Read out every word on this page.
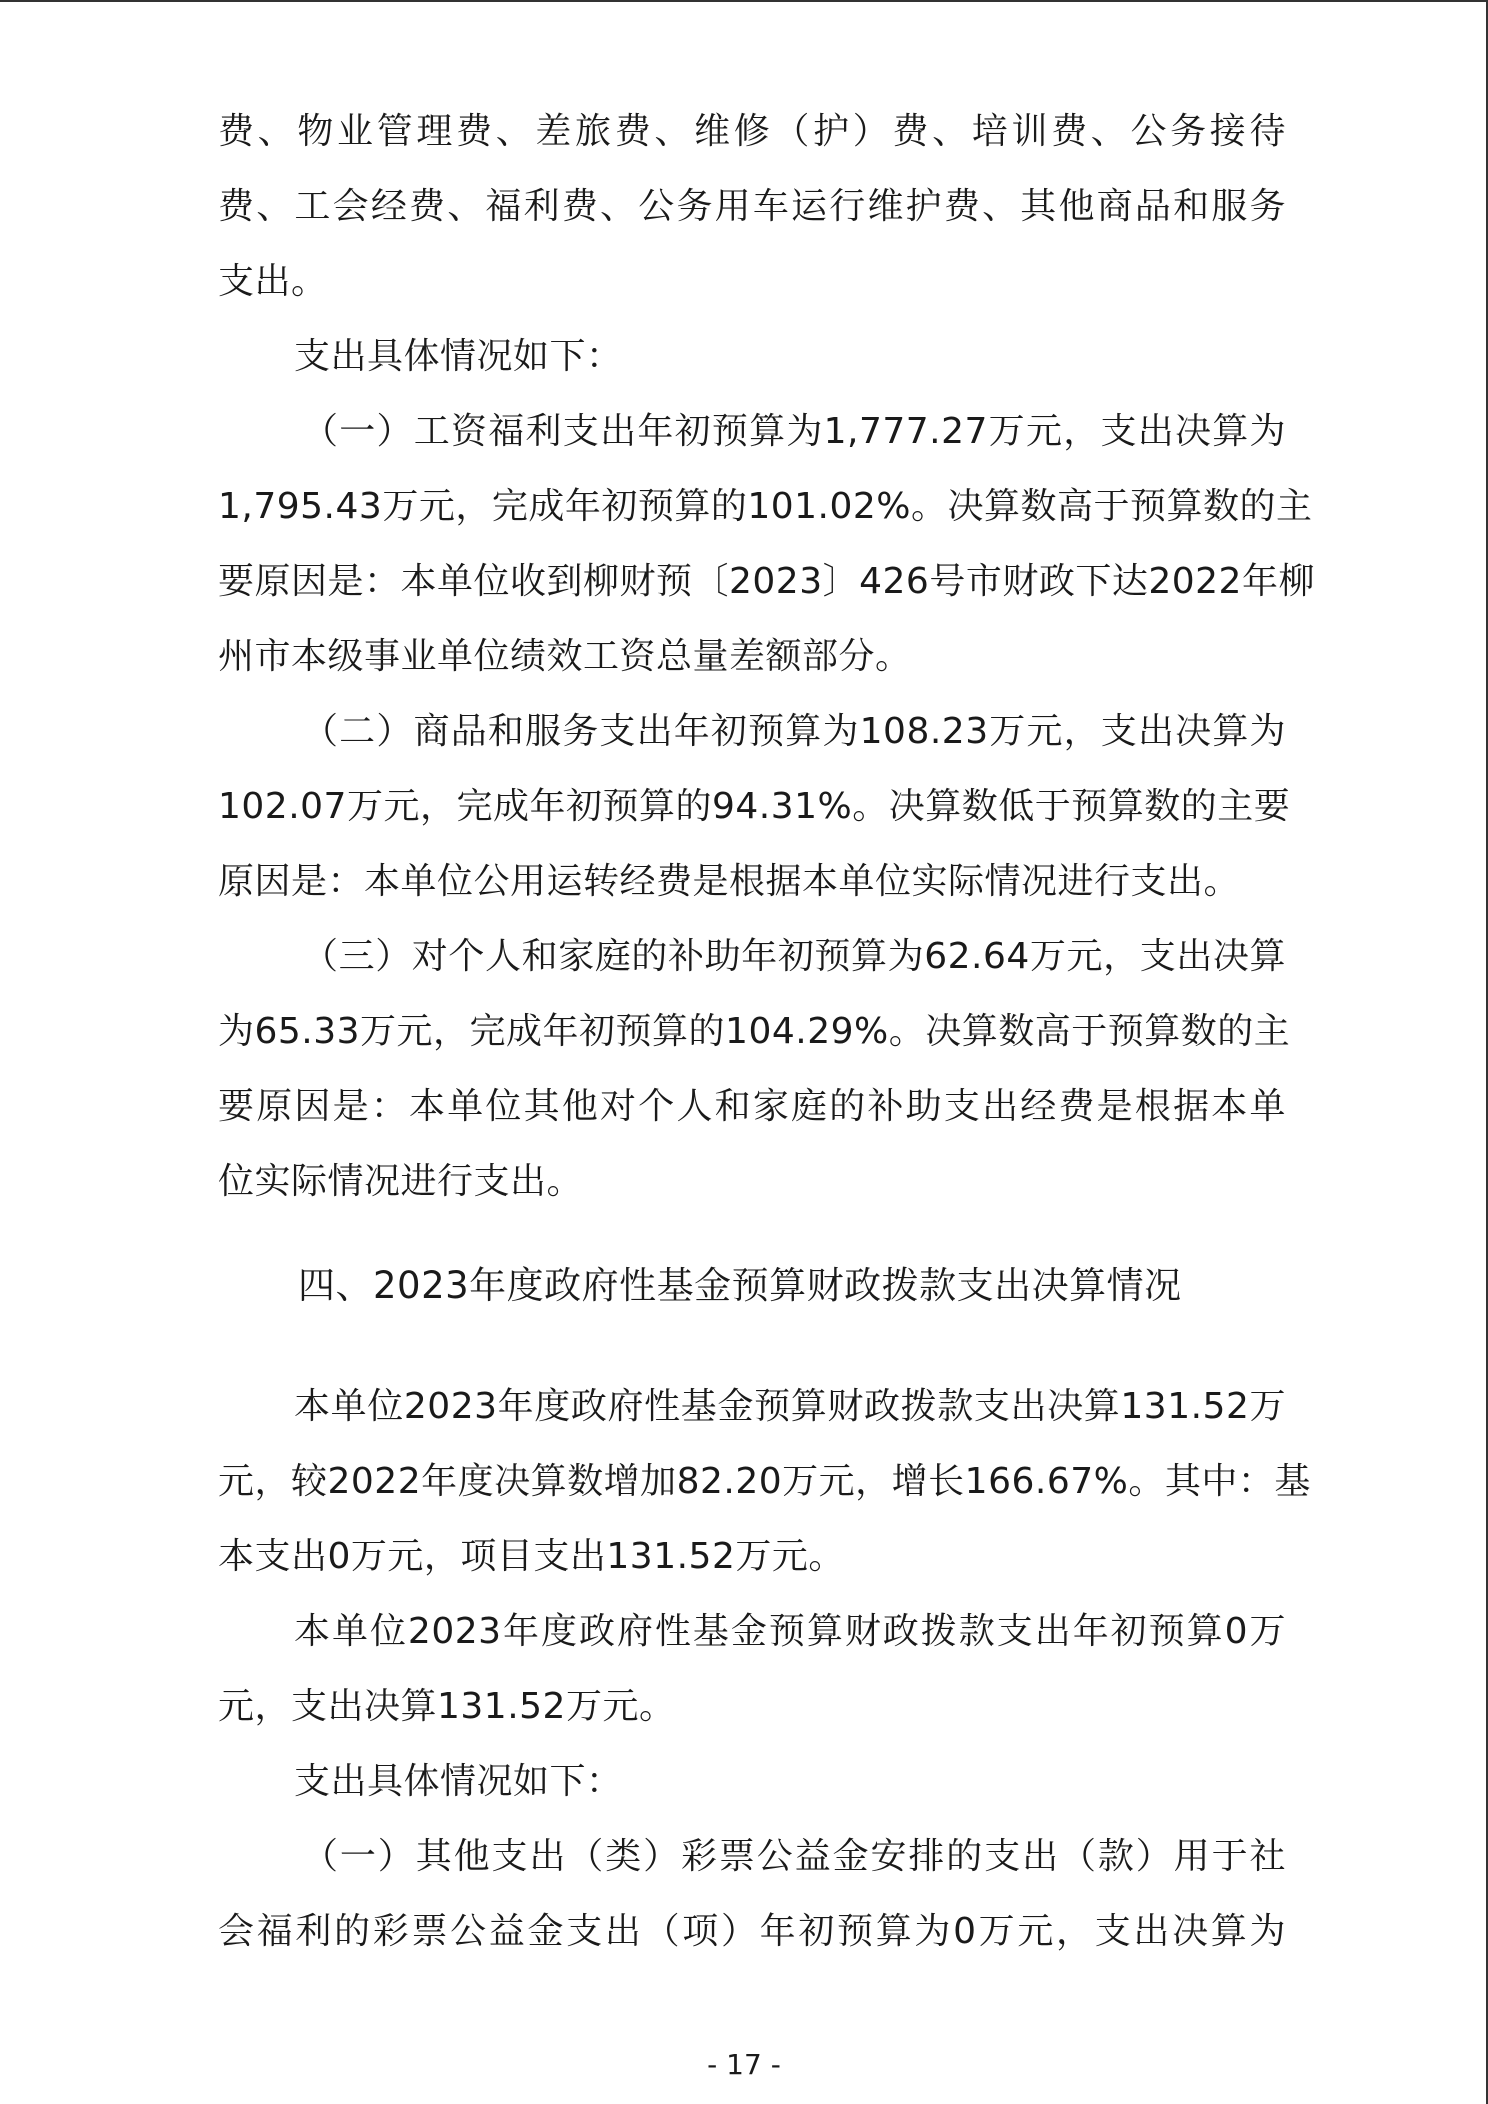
费、物业管理费、差旅费、维修（护）费、培训费、公务接待
费、工会经费、福利费、公务用车运行维护费、其他商品和服务
支出。
支出具体情况如下：
（一）工资福利支出年初预算为1,777.27万元，支出决算为
1,795.43万元，完成年初预算的101.02%。决算数高于预算数的主
要原因是：本单位收到柳财预〔2023〕426号市财政下达2022年柳
州市本级事业单位绩效工资总量差额部分。
（二）商品和服务支出年初预算为108.23万元，支出决算为
102.07万元，完成年初预算的94.31%。决算数低于预算数的主要
原因是：本单位公用运转经费是根据本单位实际情况进行支出。
（三）对个人和家庭的补助年初预算为62.64万元，支出决算
为65.33万元，完成年初预算的104.29%。决算数高于预算数的主
要原因是：本单位其他对个人和家庭的补助支出经费是根据本单
位实际情况进行支出。
四、2023年度政府性基金预算财政拨款支出决算情况
本单位2023年度政府性基金预算财政拨款支出决算131.52万
元，较2022年度决算数增加82.20万元，增长166.67%。其中：基
本支出0万元，项目支出131.52万元。
本单位2023年度政府性基金预算财政拨款支出年初预算0万
元，支出决算131.52万元。
支出具体情况如下：
（一）其他支出（类）彩票公益金安排的支出（款）用于社
会福利的彩票公益金支出（项）年初预算为0万元，支出决算为
- 17 -
